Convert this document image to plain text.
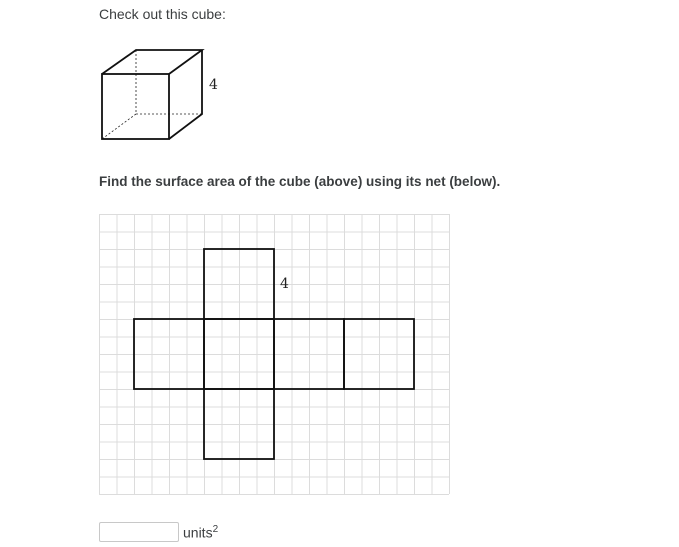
Check out this cube:
4
Find the surface area of the cube (above) using its net (below).
4
units$^2$
